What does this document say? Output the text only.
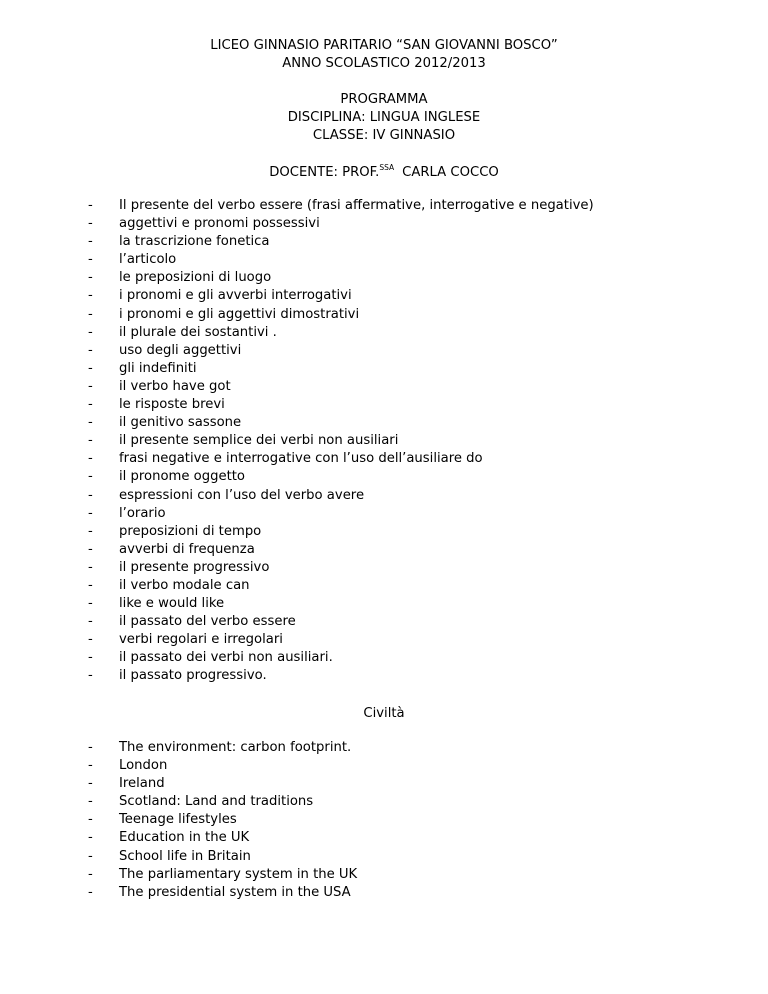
LICEO GINNASIO PARITARIO “SAN GIOVANNI BOSCO”
ANNO SCOLASTICO 2012/2013
PROGRAMMA
DISCIPLINA: LINGUA INGLESE
CLASSE: IV GINNASIO
DOCENTE: PROF.$^{SSA}$ CARLA COCCO
- Il presente del verbo essere (frasi affermative, interrogative e negative)
- aggettivi e pronomi possessivi
- la trascrizione fonetica
- l’articolo
- le preposizioni di luogo
- i pronomi e gli avverbi interrogativi
- i pronomi e gli aggettivi dimostrativi
- il plurale dei sostantivi .
- uso degli aggettivi
- gli indefiniti
- il verbo have got
- le risposte brevi
- il genitivo sassone
- il presente semplice dei verbi non ausiliari
- frasi negative e interrogative con l’uso dell’ausiliare do
- il pronome oggetto
- espressioni con l’uso del verbo avere
- l’orario
- preposizioni di tempo
- avverbi di frequenza
- il presente progressivo
- il verbo modale can
- like e would like
- il passato del verbo essere
- verbi regolari e irregolari
- il passato dei verbi non ausiliari.
- il passato progressivo.
Civiltà
- The environment: carbon footprint.
- London
- Ireland
- Scotland: Land and traditions
- Teenage lifestyles
- Education in the UK
- School life in Britain
- The parliamentary system in the UK
- The presidential system in the USA
